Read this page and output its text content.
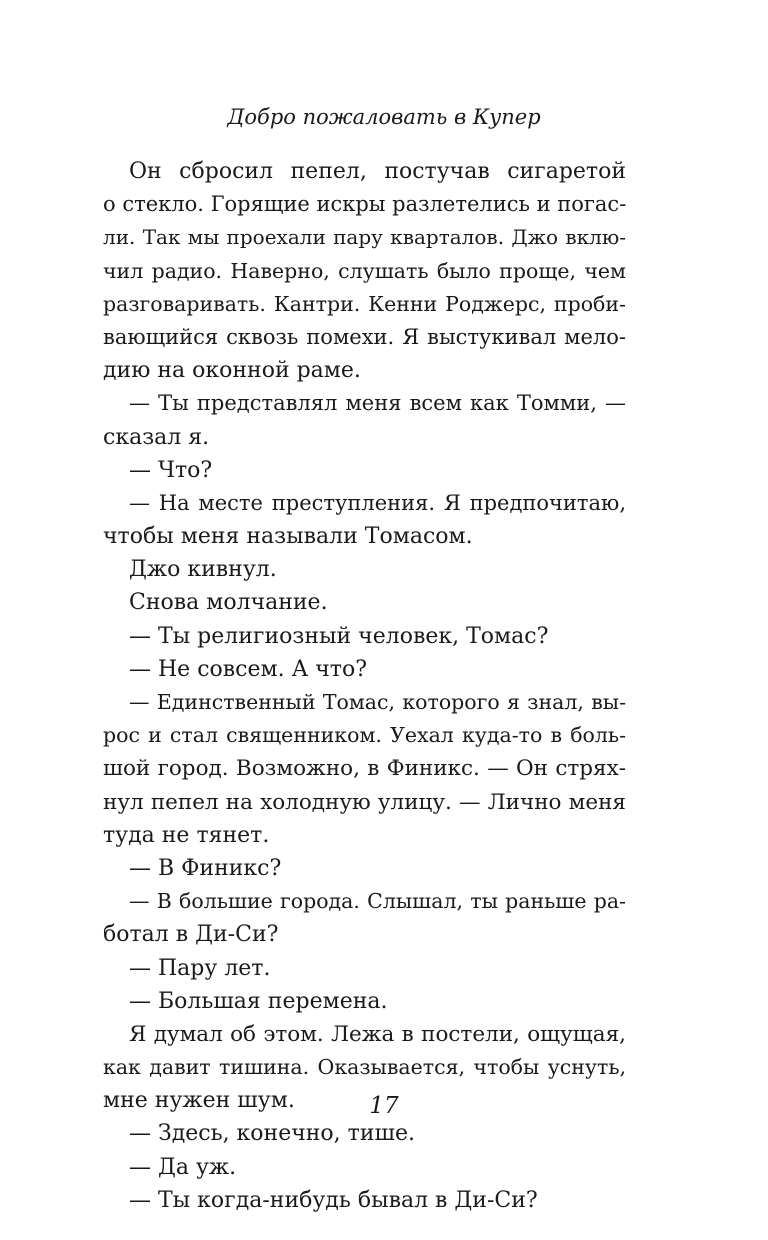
Добро пожаловать в Купер
Он сбросил пепел, постучав сигаретой
о стекло. Горящие искры разлетелись и погас-
ли. Так мы проехали пару кварталов. Джо вклю-
чил радио. Наверно, слушать было проще, чем
разговаривать. Кантри. Кенни Роджерс, проби-
вающийся сквозь помехи. Я выстукивал мело-
дию на оконной раме.
— Ты представлял меня всем как Томми, —
сказал я.
— Что?
— На месте преступления. Я предпочитаю,
чтобы меня называли Томасом.
Джо кивнул.
Снова молчание.
— Ты религиозный человек, Томас?
— Не совсем. А что?
— Единственный Томас, которого я знал, вы-
рос и стал священником. Уехал куда-то в боль-
шой город. Возможно, в Финикс. — Он стрях-
нул пепел на холодную улицу. — Лично меня
туда не тянет.
— В Финикс?
— В большие города. Слышал, ты раньше ра-
ботал в Ди-Си?
— Пару лет.
— Большая перемена.
Я думал об этом. Лежа в постели, ощущая,
как давит тишина. Оказывается, чтобы уснуть,
мне нужен шум.
— Здесь, конечно, тише.
— Да уж.
— Ты когда-нибудь бывал в Ди-Си?
17
